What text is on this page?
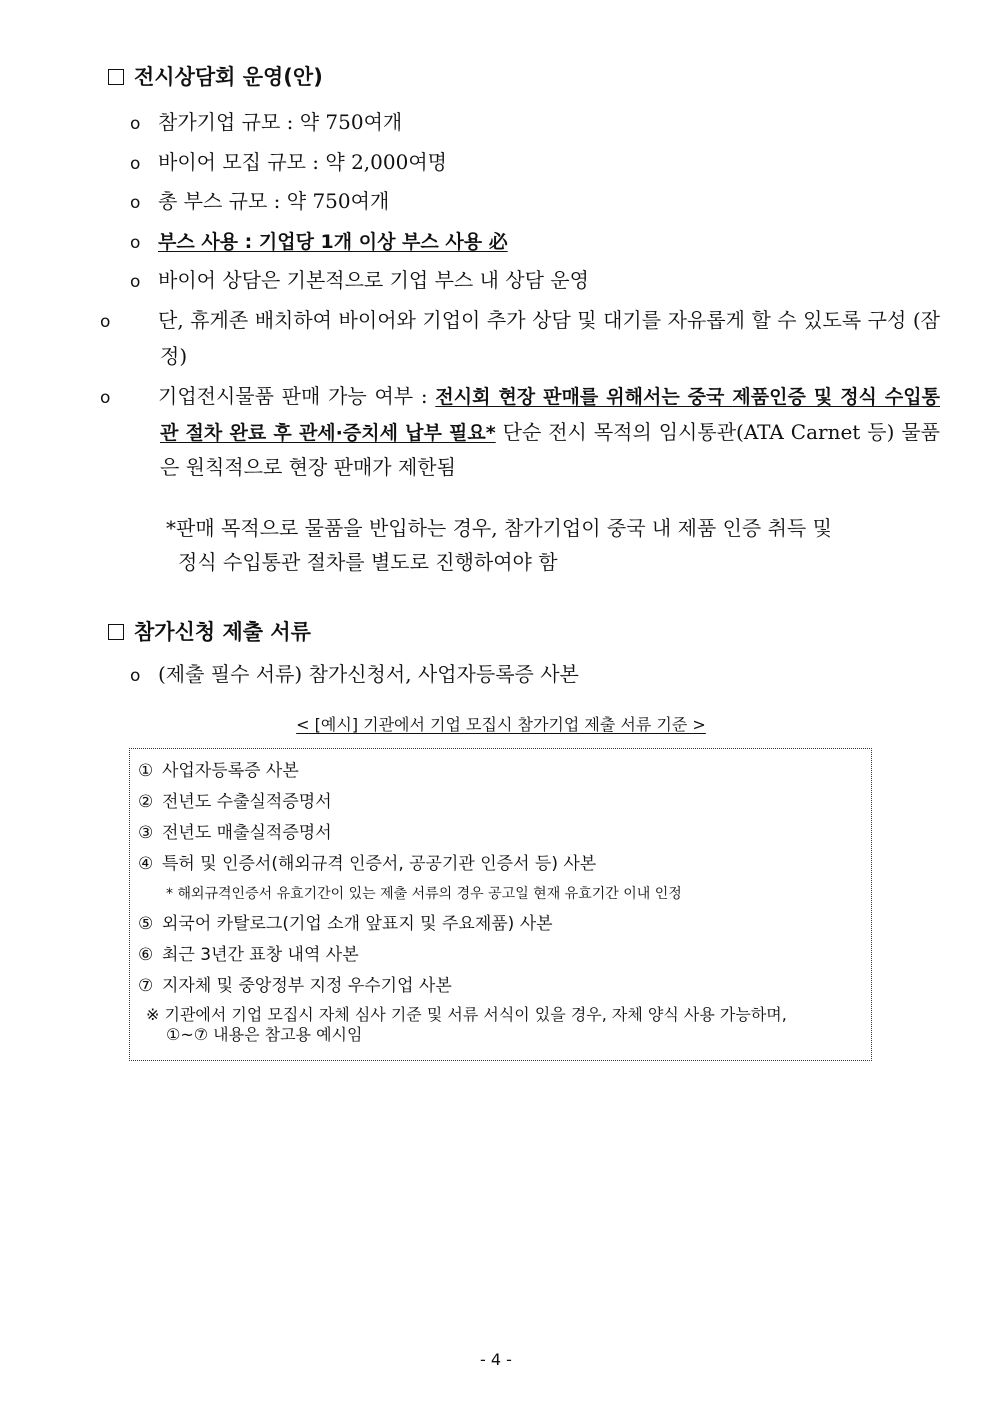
전시상담회 운영(안)
o 참가기업 규모 : 약 750여개
o 바이어 모집 규모 : 약 2,000여명
o 총 부스 규모 : 약 750여개
o 부스 사용 : 기업당 1개 이상 부스 사용 必
o 바이어 상담은 기본적으로 기업 부스 내 상담 운영
o 단, 휴게존 배치하여 바이어와 기업이 추가 상담 및 대기를 자유롭게 할 수 있도록 구성 (잠정)
o 기업전시물품 판매 가능 여부 : 전시회 현장 판매를 위해서는 중국 제품인증 및 정식 수입통관 절차 완료 후 관세·증치세 납부 필요* 단순 전시 목적의 임시통관(ATA Carnet 등) 물품은 원칙적으로 현장 판매가 제한됨
*판매 목적으로 물품을 반입하는 경우, 참가기업이 중국 내 제품 인증 취득 및
정식 수입통관 절차를 별도로 진행하여야 함
참가신청 제출 서류
o (제출 필수 서류) 참가신청서, 사업자등록증 사본
< [예시] 기관에서 기업 모집시 참가기업 제출 서류 기준 >
① 사업자등록증 사본
② 전년도 수출실적증명서
③ 전년도 매출실적증명서
④ 특허 및 인증서(해외규격 인증서, 공공기관 인증서 등) 사본
* 해외규격인증서 유효기간이 있는 제출 서류의 경우 공고일 현재 유효기간 이내 인정
⑤ 외국어 카탈로그(기업 소개 앞표지 및 주요제품) 사본
⑥ 최근 3년간 표창 내역 사본
⑦ 지자체 및 중앙정부 지정 우수기업 사본
※ 기관에서 기업 모집시 자체 심사 기준 및 서류 서식이 있을 경우, 자체 양식 사용 가능하며,
①~⑦ 내용은 참고용 예시임
- 4 -
